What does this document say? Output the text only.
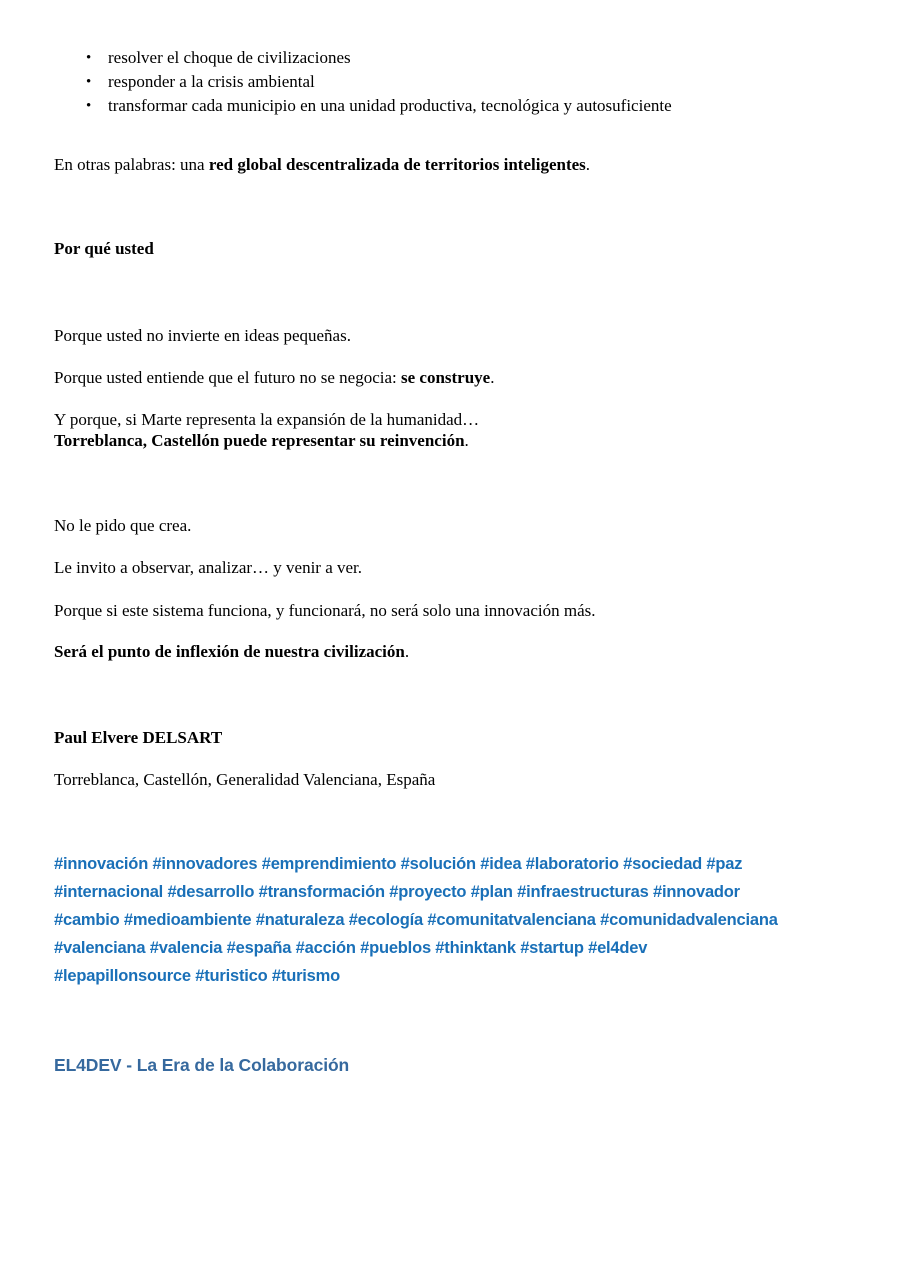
• resolver el choque de civilizaciones
• responder a la crisis ambiental
• transformar cada municipio en una unidad productiva, tecnológica y autosuficiente

En otras palabras: una red global descentralizada de territorios inteligentes.

Por qué usted

Porque usted no invierte en ideas pequeñas.

Porque usted entiende que el futuro no se negocia: se construye.

Y porque, si Marte representa la expansión de la humanidad…
Torreblanca, Castellón puede representar su reinvención.

No le pido que crea.

Le invito a observar, analizar… y venir a ver.

Porque si este sistema funciona, y funcionará, no será solo una innovación más.

Será el punto de inflexión de nuestra civilización.

Paul Elvere DELSART

Torreblanca, Castellón, Generalidad Valenciana, España

#innovación #innovadores #emprendimiento #solución #idea #laboratorio #sociedad #paz
#internacional #desarrollo #transformación #proyecto #plan #infraestructuras #innovador
#cambio #medioambiente #naturaleza #ecología #comunitatvalenciana #comunidadvalenciana
#valenciana #valencia #españa #acción #pueblos #thinktank #startup #el4dev
#lepapillonsource #turistico #turismo
EL4DEV - La Era de la Colaboración
